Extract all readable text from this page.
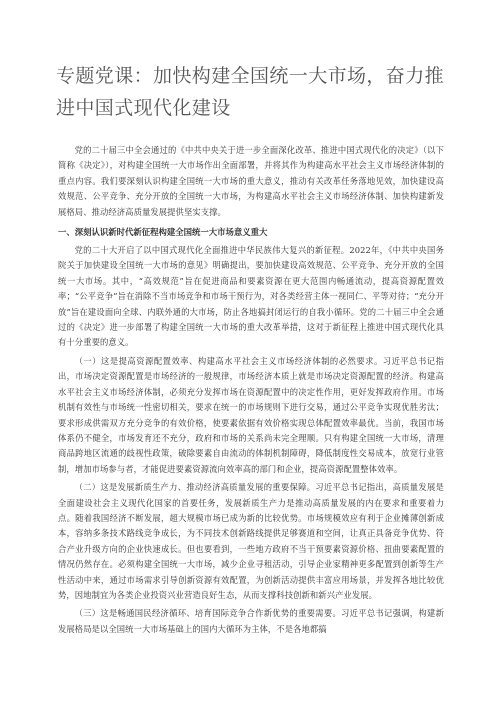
专题党课：加快构建全国统一大市场，奋力推进中国式现代化建设

党的二十届三中全会通过的《中共中央关于进一步全面深化改革、推进中国式现代化的决定》（以下简称《决定》），对构建全国统一大市场作出全面部署，并将其作为构建高水平社会主义市场经济体制的重点内容。我们要深刻认识构建全国统一大市场的重大意义，推动有关改革任务落地见效，加快建设高效规范、公平竞争、充分开放的全国统一大市场，为构建高水平社会主义市场经济体制、加快构建新发展格局、推动经济高质量发展提供坚实支撑。

一、深刻认识新时代新征程构建全国统一大市场意义重大

党的二十大开启了以中国式现代化全面推进中华民族伟大复兴的新征程。2022年，《中共中央国务院关于加快建设全国统一大市场的意见》明确提出，要加快建设高效规范、公平竞争、充分开放的全国统一大市场。其中，“高效规范”旨在促进商品和要素资源在更大范围内畅通流动，提高资源配置效率；“公平竞争”旨在消除不当市场竞争和市场干预行为，对各类经营主体一视同仁、平等对待；“充分开放”旨在建设面向全球、内联外通的大市场，防止各地搞封闭运行的自我小循环。党的二十届三中全会通过的《决定》进一步部署了构建全国统一大市场的重大改革举措，这对于新征程上推进中国式现代化具有十分重要的意义。

（一）这是提高资源配置效率、构建高水平社会主义市场经济体制的必然要求。习近平总书记指出，市场决定资源配置是市场经济的一般规律，市场经济本质上就是市场决定资源配置的经济。构建高水平社会主义市场经济体制，必须充分发挥市场在资源配置中的决定性作用，更好发挥政府作用。市场机制有效性与市场统一性密切相关，要求在统一的市场规则下进行交易，通过公平竞争实现优胜劣汰；要求形成供需双方充分竞争的有效价格，使要素依据有效价格实现总体配置效率最优。当前，我国市场体系仍不健全，市场发育还不充分，政府和市场的关系尚未完全理顺。只有构建全国统一大市场，清理商品跨地区流通的歧视性政策，破除要素自由流动的体制机制障碍，降低制度性交易成本，放宽行业管制，增加市场参与者，才能促进要素资源流向效率高的部门和企业，提高资源配置整体效率。

（二）这是发展新质生产力、推动经济高质量发展的重要保障。习近平总书记指出，高质量发展是全面建设社会主义现代化国家的首要任务，发展新质生产力是推动高质量发展的内在要求和重要着力点。随着我国经济不断发展，超大规模市场已成为新的比较优势。市场规模效应有利于企业摊薄创新成本，容纳多条技术路线竞争成长，为不同技术创新路线提供足够赛道和空间，让真正具备竞争优势、符合产业升级方向的企业快速成长。但也要看到，一些地方政府不当干预要素资源价格、扭曲要素配置的情况仍然存在。必须构建全国统一大市场，减少企业寻租活动，引导企业家精神更多配置到创新等生产性活动中来，通过市场需求引导创新资源有效配置，为创新活动提供丰富应用场景，并发挥各地比较优势，因地制宜为各类企业投资兴业营造良好生态，从而支撑科技创新和新兴产业发展。

（三）这是畅通国民经济循环、培育国际竞争合作新优势的重要需要。习近平总书记强调，构建新发展格局是以全国统一大市场基础上的国内大循环为主体，不是各地都搞
